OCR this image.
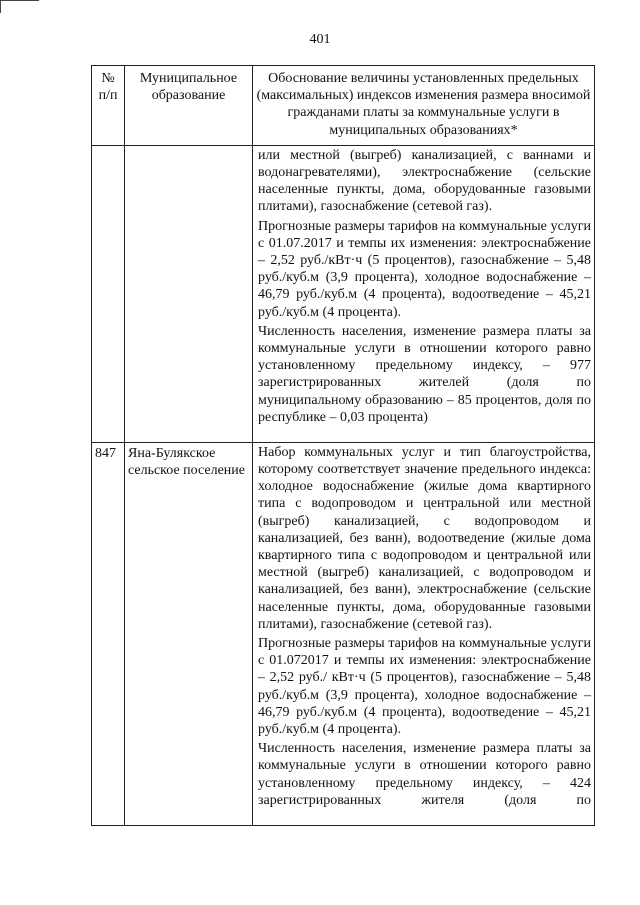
401
№ п/п	Муниципальное образование	Обоснование величины установленных предельных (максимальных) индексов изменения размера вносимой гражданами платы за коммунальные услуги в муниципальных образованиях*

		или местной (выгреб) канализацией, с ваннами и водонагревателями), электроснабжение (сельские населенные пункты, дома, оборудованные газовыми плитами), газоснабжение (сетевой газ).

Прогнозные размеры тарифов на коммунальные услуги с 01.07.2017 и темпы их изменения: электроснабжение – 2,52 руб./кВт·ч (5 процентов), газоснабжение – 5,48 руб./куб.м (3,9 процента), холодное водоснабжение – 46,79 руб./куб.м (4 процента), водоотведение – 45,21 руб./куб.м (4 процента).

Численность населения, изменение размера платы за коммунальные услуги в отношении которого равно установленному предельному индексу, – 977 зарегистрированных жителей (доля по муниципальному образованию – 85 процентов, доля по республике – 0,03 процента)

847	Яна-Булякское сельское поселение	Набор коммунальных услуг и тип благоустройства, которому соответствует значение предельного индекса: холодное водоснабжение (жилые дома квартирного типа с водопроводом и центральной или местной (выгреб) канализацией, с водопроводом и канализацией, без ванн), водоотведение (жилые дома квартирного типа с водопроводом и центральной или местной (выгреб) канализацией, с водопроводом и канализацией, без ванн), электроснабжение (сельские населенные пункты, дома, оборудованные газовыми плитами), газоснабжение (сетевой газ).

Прогнозные размеры тарифов на коммунальные услуги с 01.072017 и темпы их изменения: электроснабжение – 2,52 руб./ кВт·ч (5 процентов), газоснабжение – 5,48 руб./куб.м (3,9 процента), холодное водоснабжение – 46,79 руб./куб.м (4 процента), водоотведение – 45,21 руб./куб.м (4 процента).

Численность населения, изменение размера платы за коммунальные услуги в отношении которого равно установленному предельному индексу, – 424 зарегистрированных жителя (доля по
